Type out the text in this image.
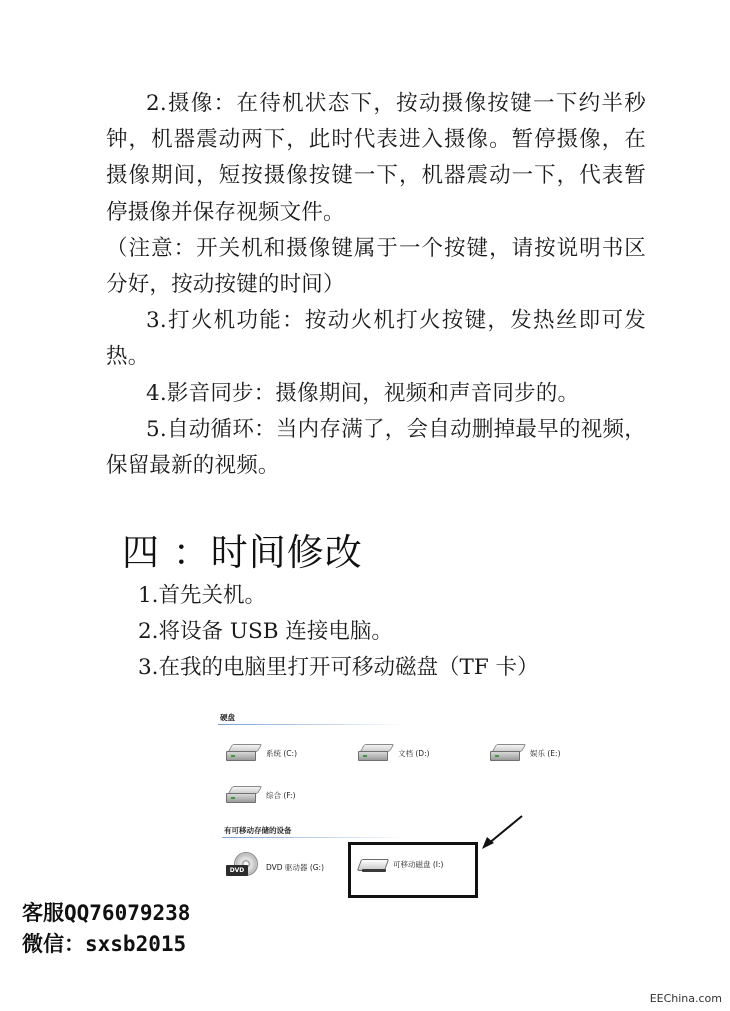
2.摄像：在待机状态下，按动摄像按键一下约半秒钟，机器震动两下，此时代表进入摄像。暂停摄像，在摄像期间，短按摄像按键一下，机器震动一下，代表暂停摄像并保存视频文件。

（注意：开关机和摄像键属于一个按键，请按说明书区分好，按动按键的时间）

3.打火机功能：按动火机打火按键，发热丝即可发热。

4.影音同步：摄像期间，视频和声音同步的。

5.自动循环：当内存满了，会自动删掉最早的视频，保留最新的视频。

四 ：时间修改

1.首先关机。

2.将设备 USB 连接电脑。

3.在我的电脑里打开可移动磁盘（TF 卡）

硬盘
系统 (C:)	文档 (D:)	娱乐 (E:)
综合 (F:)
有可移动存储的设备
DVD	DVD 驱动器 (G:)	可移动磁盘 (I:)
客服QQ76079238
微信：sxsb2015
EEChina.com
